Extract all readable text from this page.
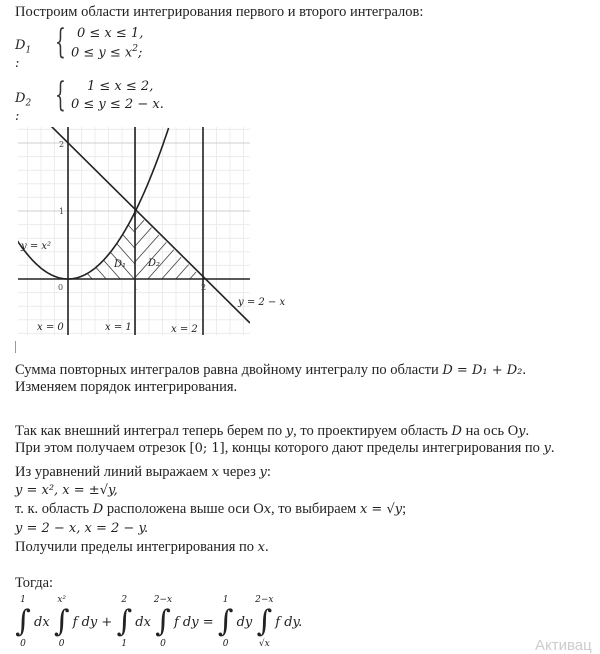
Построим области интегрирования первого и второго интегралов:
$D_1$ :
{ 0 ≤ x ≤ 1,
$0 \le y \le x^2$;
$D_2$ :
{ 1 ≤ x ≤ 2,
0 ≤ y ≤ 2 − x.
2
1
0	1	2
y = x²
D₁ D₂
y = 2 − x
x = 0	x = 1	x = 2
Сумма повторных интегралов равна двойному интегралу по области D = D₁ + D₂.
Изменяем порядок интегрирования.
Так как внешний интеграл теперь берем по y, то проектируем область D на ось Оy.
При этом получаем отрезок [0; 1], концы которого дают пределы интегрирования по y.
Из уравнений линий выражаем x через y:
y = x², x = ±√y,
т. к. область D расположена выше оси Оx, то выбираем x = √y;
y = 2 − x, x = 2 − y.
Получили пределы интегрирования по x.
Тогда:
1
∫
0
dx
x²
∫
0
f dy +
2
∫
1
dx
2−x
∫
0
f dy =
1
∫
0
dy
2−x
∫
√x
f dy.
Активац
